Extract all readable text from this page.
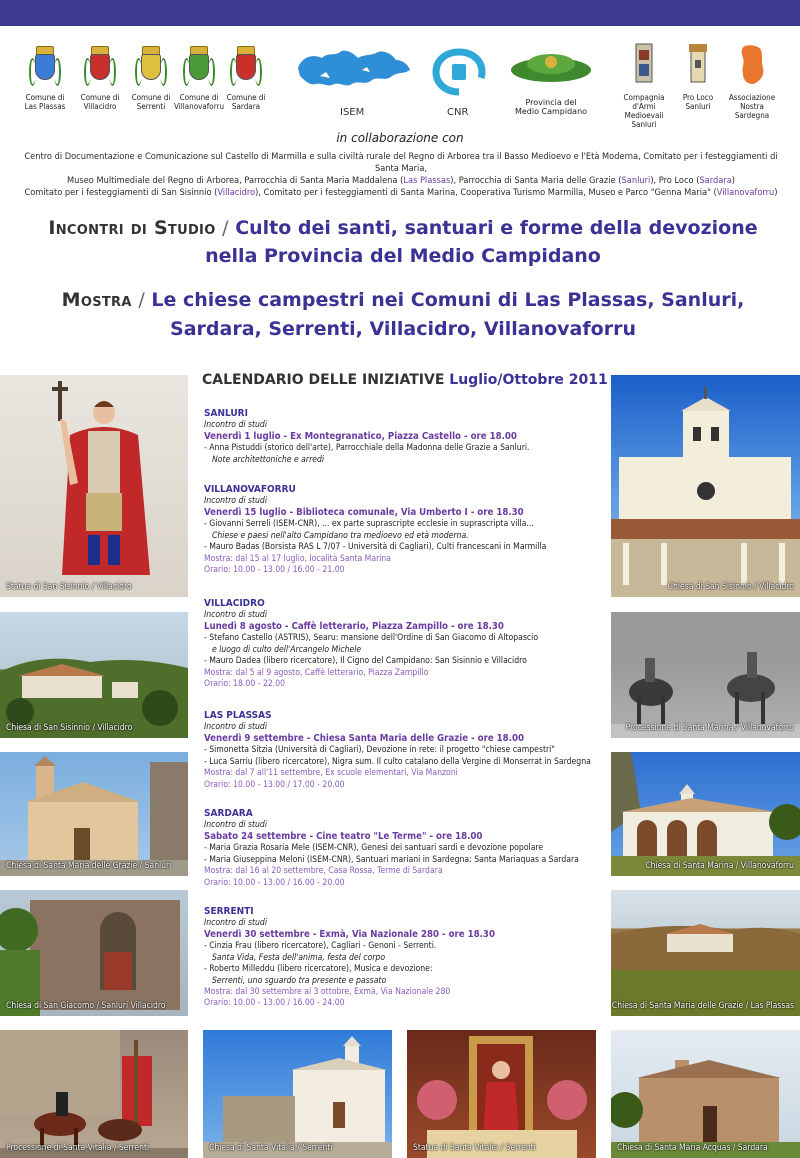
Comune di
Las Plassas
Comune di
Villacidro
Comune di
Serrenti
Comune di
Villanovaforru
Comune di
Sardara
ISEM	CNR
Provincia del
Medio Campidano
Compagnia
d'Armi Medioevali
Sanluri
Pro Loco
Sanluri
Associazione
Nostra Sardegna
in collaborazione con
Centro di Documentazione e Comunicazione sul Castello di Marmilla e sulla civiltà rurale del Regno di Arborea tra il Basso Medioevo e l'Età Moderna, Comitato per i festeggiamenti di Santa Maria,
Museo Multimediale del Regno di Arborea, Parrocchia di Santa Maria Maddalena (Las Plassas), Parrocchia di Santa Maria delle Grazie (Sanluri), Pro Loco (Sardara)
Comitato per i festeggiamenti di San Sisinnio (Villacidro), Comitato per i festeggiamenti di Santa Marina, Cooperativa Turismo Marmilla, Museo e Parco "Genna Maria" (Villanovaforru)
Incontri di Studio / Culto dei santi, santuari e forme della devozione
nella Provincia del Medio Campidano
Mostra / Le chiese campestri nei Comuni di Las Plassas, Sanluri,
Sardara, Serrenti, Villacidro, Villanovaforru
Statua di San Sisinnio / Villacidro
Chiesa di San Sisinnio / Villacidro
Chiesa di Santa Maria delle Grazie / Sanluri
Chiesa di San Giacomo / Sanluri Villacidro
Chiesa di San Sisinnio / Villacidro
Processione di Santa Marina / Villanovaforru
Chiesa di Santa Marina / Villanovaforru
Chiesa di Santa Maria delle Grazie / Las Plassas
Processione di Santa Vitalia / Serrenti	Chiesa di Santa Vitalia / Serrenti	Statua di Santa Vitalia / Serrenti	Chiesa di Santa Maria Acquas / Sardara
CALENDARIO DELLE INIZIATIVE Luglio/Ottobre 2011
SANLURI
Incontro di studi
Venerdì 1 luglio - Ex Montegranatico, Piazza Castello - ore 18.00
- Anna Pistuddi (storico dell'arte), Parrocchiale della Madonna delle Grazie a Sanluri.
Note architettoniche e arredi
VILLANOVAFORRU
Incontro di studi
Venerdì 15 luglio - Biblioteca comunale, Via Umberto I - ore 18.30
- Giovanni Serreli (ISEM-CNR), ... ex parte suprascripte ecclesie in suprascripta villa...
Chiese e paesi nell'alto Campidano tra medioevo ed età moderna.
- Mauro Badas (Borsista RAS L 7/07 - Università di Cagliari), Culti francescani in Marmilla
Mostra: dal 15 al 17 luglio, località Santa Marina
Orario: 10.00 - 13.00 / 16.00 - 21.00
VILLACIDRO
Incontro di studi
Lunedì 8 agosto - Caffè letterario, Piazza Zampillo - ore 18.30
- Stefano Castello (ASTRIS), Searu: mansione dell'Ordine di San Giacomo di Altopascio
e luogo di culto dell'Arcangelo Michele
- Mauro Dadea (libero ricercatore), Il Cigno del Campidano: San Sisinnio e Villacidro
Mostra: dal 5 al 9 agosto, Caffè letterario, Piazza Zampillo
Orario: 18.00 - 22.00
LAS PLASSAS
Incontro di studi
Venerdì 9 settembre - Chiesa Santa Maria delle Grazie - ore 18.00
- Simonetta Sitzia (Università di Cagliari), Devozione in rete: il progetto "chiese campestri"
- Luca Sarriu (libero ricercatore), Nigra sum. Il culto catalano della Vergine di Monserrat in Sardegna
Mostra: dal 7 all'11 settembre, Ex scuole elementari, Via Manzoni
Orario: 10.00 - 13.00 / 17.00 - 20.00
SARDARA
Incontro di studi
Sabato 24 settembre - Cine teatro "Le Terme" - ore 18.00
- Maria Grazia Rosaria Mele (ISEM-CNR), Genesi dei santuari sardi e devozione popolare
- Maria Giuseppina Meloni (ISEM-CNR), Santuari mariani in Sardegna: Santa Mariaquas a Sardara
Mostra: dal 16 al 20 settembre, Casa Rossa, Terme di Sardara
Orario: 10.00 - 13.00 / 16.00 - 20.00
SERRENTI
Incontro di studi
Venerdì 30 settembre - Exmà, Via Nazionale 280 - ore 18.30
- Cinzia Frau (libero ricercatore), Cagliari - Genoni - Serrenti.
Santa Vida, Festa dell'anima, festa del corpo
- Roberto Milleddu (libero ricercatore), Musica e devozione:
Serrenti, uno sguardo tra presente e passato
Mostra: dal 30 settembre al 3 ottobre, Exmà, Via Nazionale 280
Orario: 10.00 - 13.00 / 16.00 - 24.00
